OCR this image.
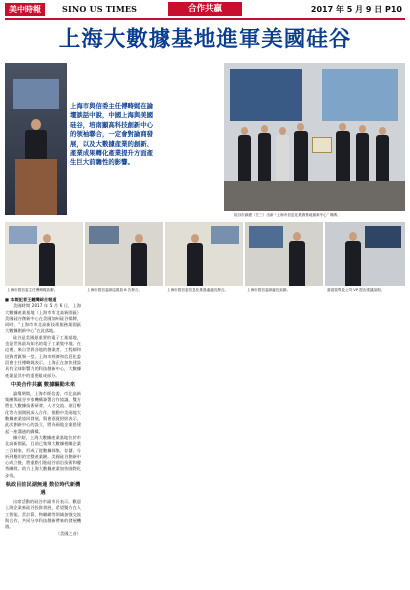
美中時報	SINO US TIMES	合作共贏	2017 年 5 月 9 日 P10
上海大數據基地進軍美國硅谷
上海市與信委主任傅畴娓在論壇談話中說，中國上海與美國硅谷，培南顯高科技創新中心的领袖聯合，一定會對論商發展，以及大數據産業的創新、產業成果轉化產業提升方面產生巨大前瞻性的影響。
硅谷市副總（左三）出席 “上海市信息化業務基地創新中心” 揭牌。
上海市經信委主任傅畴娓致辭。	上海市經信委副巡視員 B 告發言。	上海市經信委信息化推進處處長發言。	上海市經信委副處長致辭。	嘉賓領導及公司 VP 提出建議說明。

■ 本報記者王聽灣綜合報道

美國時間 2017 年 5 月 6 日，上海大數據產業基地（上海市市北高新園區）美國硅谷創新中心在美國加州硅谷揭牌，同時，“上海市市北高新技術服務業園區大數據創新中心”在此落地。

硅谷是美國最重要的電子工業基地，也是世界最為知名的電子工業集中地。在這裡，來自世界各地的創業者、工程師和投資者匯聚一堂。上海市經濟和信息化委員會主任傅畴娓表示，上海正在加快建設具有全球影響力的科技創新中心，大數據產業是其中的重要組成部分。

中美合作共贏 數據驅動未來

論壇期間，上海市經信委、市北高新集團與硅谷多家機構簽署合作協議，雙方將在大數據技術研發、人才交流、項目孵化等方面開展深入合作，推動中美兩地大數據產業協同發展。與會嘉賓紛紛表示，此次創新中心的設立，將為兩地企業搭建起一座溝通的橋樑。

據介紹，上海大數據產業基地位於市北高新園區，目前已集聚大數據相關企業三百餘家，形成了從數據採集、存儲、分析到應用的完整產業鏈。美國硅谷創新中心成立後，將重點引進硅谷前沿技術和優秀團隊，助力上海大數據產業加快國際化步伐。

執政目註民湖無連 数位時代新機遇

出席活動的硅谷市副市長表示，歡迎上海企業來硅谷投資發展，希望雙方在人工智能、雲計算、物聯網等領域加強交流與合作，共同分享科技創新帶來的發展機遇。

（美國之音）
